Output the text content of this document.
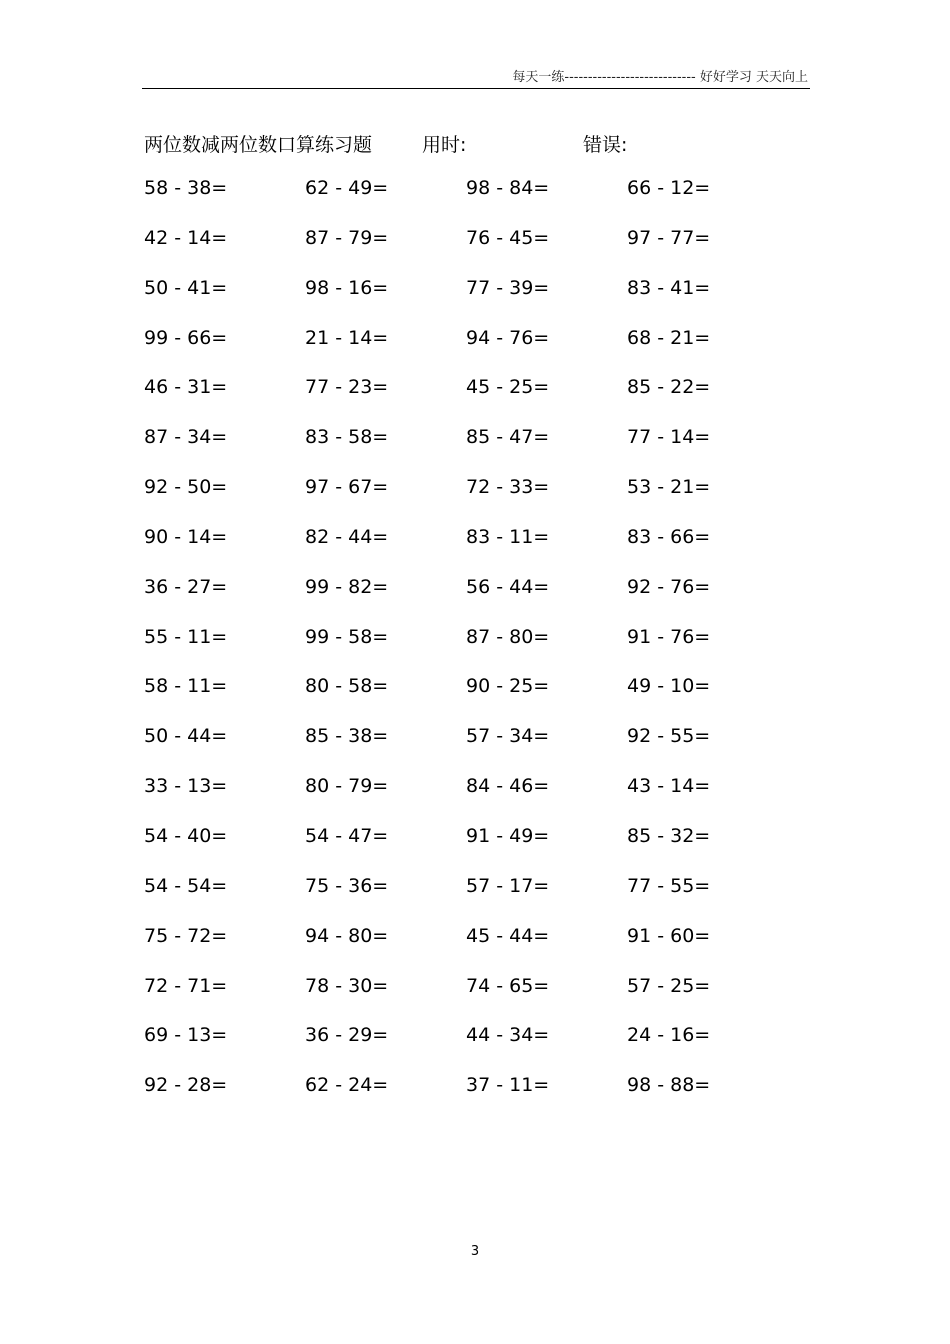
每天一练---------------------------- 好好学习 天天向上
两位数减两位数口算练习题	用时:	错误:
58 - 38=	62 - 49=	98 - 84=	66 - 12=
42 - 14=	87 - 79=	76 - 45=	97 - 77=
50 - 41=	98 - 16=	77 - 39=	83 - 41=
99 - 66=	21 - 14=	94 - 76=	68 - 21=
46 - 31=	77 - 23=	45 - 25=	85 - 22=
87 - 34=	83 - 58=	85 - 47=	77 - 14=
92 - 50=	97 - 67=	72 - 33=	53 - 21=
90 - 14=	82 - 44=	83 - 11=	83 - 66=
36 - 27=	99 - 82=	56 - 44=	92 - 76=
55 - 11=	99 - 58=	87 - 80=	91 - 76=
58 - 11=	80 - 58=	90 - 25=	49 - 10=
50 - 44=	85 - 38=	57 - 34=	92 - 55=
33 - 13=	80 - 79=	84 - 46=	43 - 14=
54 - 40=	54 - 47=	91 - 49=	85 - 32=
54 - 54=	75 - 36=	57 - 17=	77 - 55=
75 - 72=	94 - 80=	45 - 44=	91 - 60=
72 - 71=	78 - 30=	74 - 65=	57 - 25=
69 - 13=	36 - 29=	44 - 34=	24 - 16=
92 - 28=	62 - 24=	37 - 11=	98 - 88=
3
